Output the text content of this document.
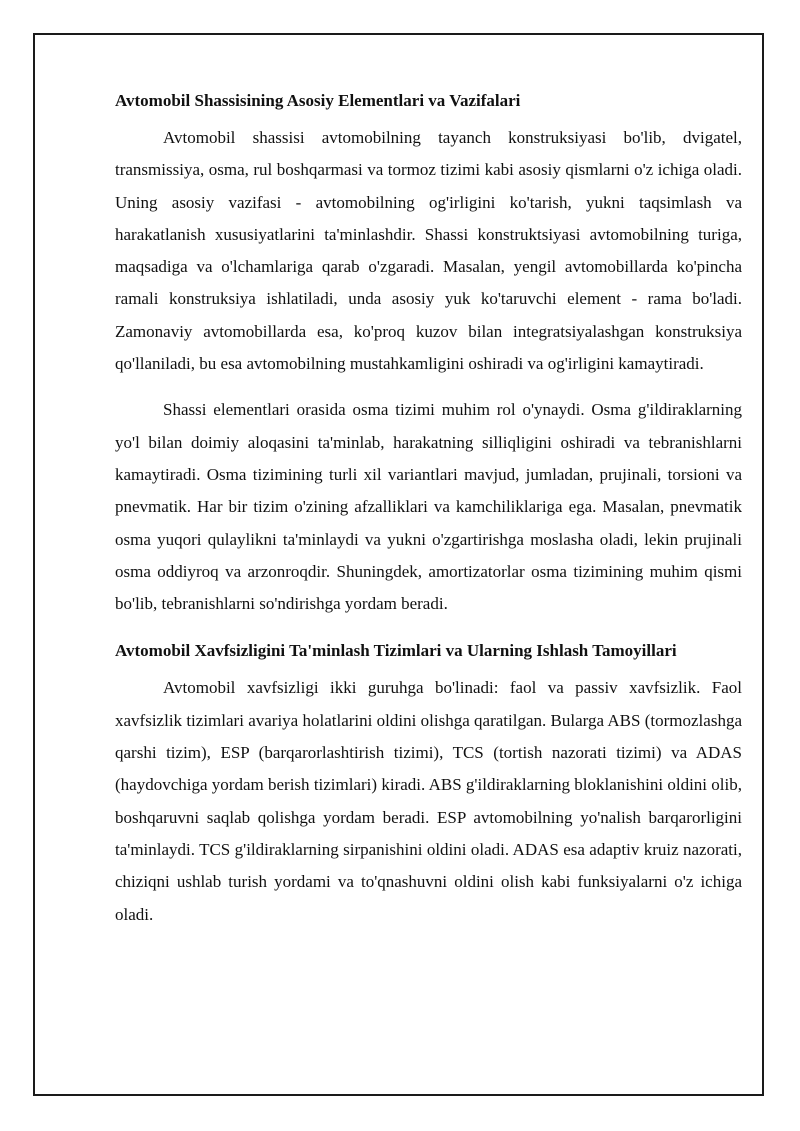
Avtomobil Shassisining Asosiy Elementlari va Vazifalari

Avtomobil shassisi avtomobilning tayanch konstruksiyasi bo'lib, dvigatel, transmissiya, osma, rul boshqarmasi va tormoz tizimi kabi asosiy qismlarni o'z ichiga oladi. Uning asosiy vazifasi - avtomobilning og'irligini ko'tarish, yukni taqsimlash va harakatlanish xususiyatlarini ta'minlashdir. Shassi konstruktsiyasi avtomobilning turiga, maqsadiga va o'lchamlariga qarab o'zgaradi. Masalan, yengil avtomobillarda ko'pincha ramali konstruksiya ishlatiladi, unda asosiy yuk ko'taruvchi element - rama bo'ladi. Zamonaviy avtomobillarda esa, ko'proq kuzov bilan integratsiyalashgan konstruksiya qo'llaniladi, bu esa avtomobilning mustahkamligini oshiradi va og'irligini kamaytiradi.

Shassi elementlari orasida osma tizimi muhim rol o'ynaydi. Osma g'ildiraklarning yo'l bilan doimiy aloqasini ta'minlab, harakatning silliqligini oshiradi va tebranishlarni kamaytiradi. Osma tizimining turli xil variantlari mavjud, jumladan, prujinali, torsioni va pnevmatik. Har bir tizim o'zining afzalliklari va kamchiliklariga ega. Masalan, pnevmatik osma yuqori qulaylikni ta'minlaydi va yukni o'zgartirishga moslasha oladi, lekin prujinali osma oddiyroq va arzonroqdir. Shuningdek, amortizatorlar osma tizimining muhim qismi bo'lib, tebranishlarni so'ndirishga yordam beradi.

Avtomobil Xavfsizligini Ta'minlash Tizimlari va Ularning Ishlash Tamoyillari

Avtomobil xavfsizligi ikki guruhga bo'linadi: faol va passiv xavfsizlik. Faol xavfsizlik tizimlari avariya holatlarini oldini olishga qaratilgan. Bularga ABS (tormozlashga qarshi tizim), ESP (barqarorlashtirish tizimi), TCS (tortish nazorati tizimi) va ADAS (haydovchiga yordam berish tizimlari) kiradi. ABS g'ildiraklarning bloklanishini oldini olib, boshqaruvni saqlab qolishga yordam beradi. ESP avtomobilning yo'nalish barqarorligini ta'minlaydi. TCS g'ildiraklarning sirpanishini oldini oladi. ADAS esa adaptiv kruiz nazorati, chiziqni ushlab turish yordami va to'qnashuvni oldini olish kabi funksiyalarni o'z ichiga oladi.
